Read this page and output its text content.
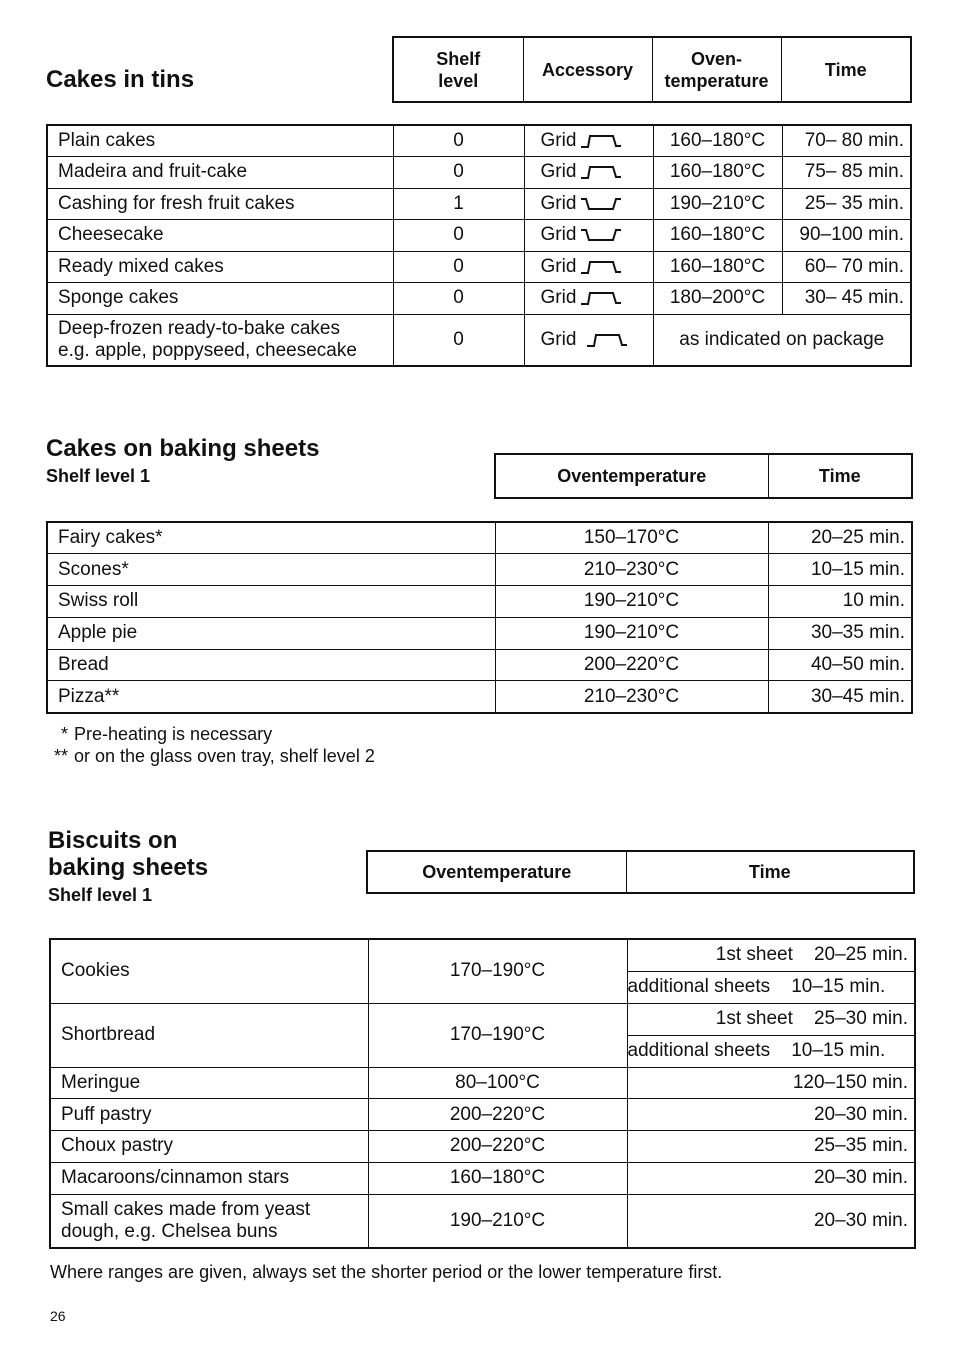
Cakes in tins
Shelf level	Accessory	Oven-temperature	Time
Plain cakes	0	Grid	160–180°C	70– 80 min.
Madeira and fruit-cake	0	Grid	160–180°C	75– 85 min.
Cashing for fresh fruit cakes	1	Grid	190–210°C	25– 35 min.
Cheesecake	0	Grid	160–180°C	90–100 min.
Ready mixed cakes	0	Grid	160–180°C	60– 70 min.
Sponge cakes	0	Grid	180–200°C	30– 45 min.
Deep-frozen ready-to-bake cakes
e.g. apple, poppyseed, cheesecake	0	Grid	as indicated on package	
Cakes on baking sheets
Shelf level 1	Oventemperature	Time
Fairy cakes*	150–170°C	20–25 min.
Scones*	210–230°C	10–15 min.
Swiss roll	190–210°C	10 min.
Apple pie	190–210°C	30–35 min.
Bread	200–220°C	40–50 min.
Pizza**	210–230°C	30–45 min.
* Pre-heating is necessary
** or on the glass oven tray, shelf level 2
Biscuits on
baking sheets
Shelf level 1
Oventemperature	Time
Cookies	170–190°C	1st sheet 20–25 min.
		additional sheets 10–15 min.
Shortbread	170–190°C	1st sheet 25–30 min.
		additional sheets 10–15 min.
Meringue	80–100°C	120–150 min.
Puff pastry	200–220°C	20–30 min.
Choux pastry	200–220°C	25–35 min.
Macaroons/cinnamon stars	160–180°C	20–30 min.
Small cakes made from yeast
dough, e.g. Chelsea buns	190–210°C	20–30 min.
Where ranges are given, always set the shorter period or the lower temperature first.
26
